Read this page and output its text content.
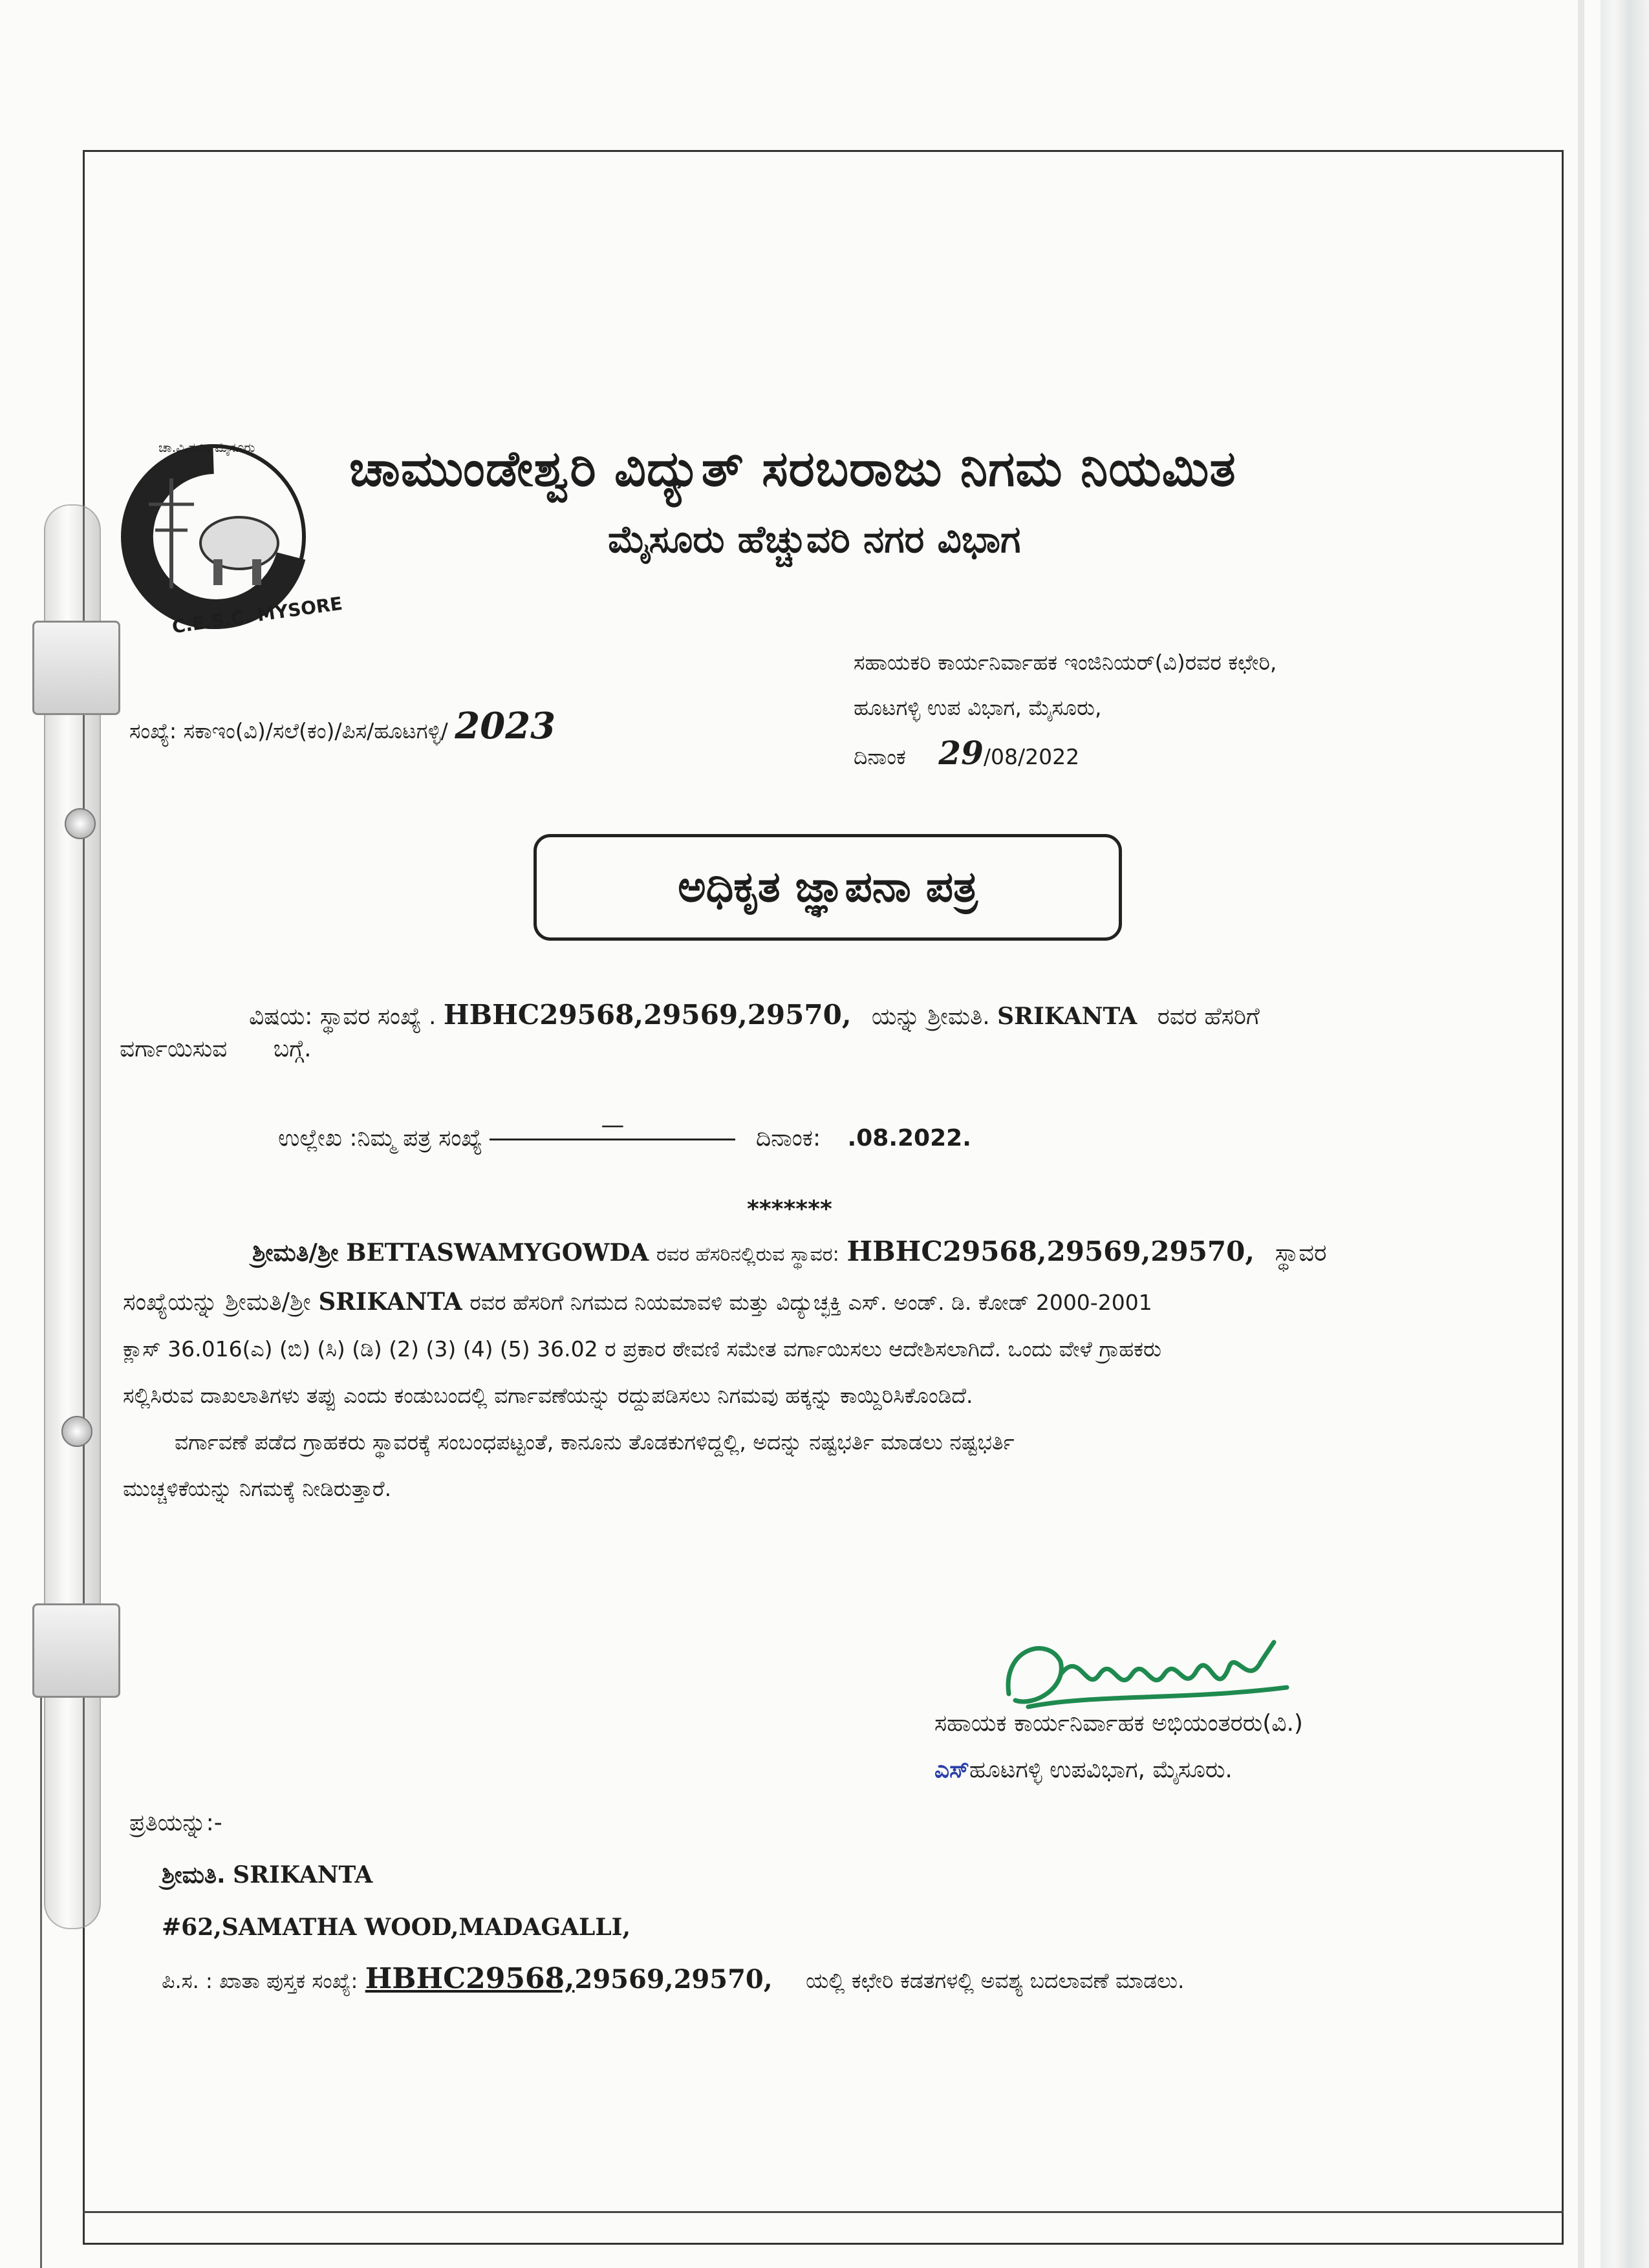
ಚಾ.ವಿ.ಸ.ನಿ. ಮೈಸೂರು
C.E.S.C. MYSORE
ಚಾಮುಂಡೇಶ್ವರಿ ವಿದ್ಯುತ್ ಸರಬರಾಜು ನಿಗಮ ನಿಯಮಿತ
ಮೈಸೂರು ಹೆಚ್ಚುವರಿ ನಗರ ವಿಭಾಗ
ಸಹಾಯಕರಿ ಕಾರ್ಯನಿರ್ವಾಹಕ ಇಂಜಿನಿಯರ್(ವಿ)ರವರ ಕಛೇರಿ,
ಹೂಟಗಳ್ಳಿ ಉಪ ವಿಭಾಗ, ಮೈಸೂರು,
ದಿನಾಂಕ 29/08/2022
ಸಂಖ್ಯೆ: ಸಕಾಇಂ(ವಿ)/ಸಲೆ(ಕಂ)/ಪಿಸ/ಹೂಟಗಳ್ಳಿ/ 2023
ಅಧಿಕೃತ ಜ್ಞಾಪನಾ ಪತ್ರ
ವಿಷಯ: ಸ್ಥಾವರ ಸಂಖ್ಯೆ . HBHC29568,29569,29570, ಯನ್ನು ಶ್ರೀಮತಿ. SRIKANTA ರವರ ಹೆಸರಿಗೆ
ವರ್ಗಾಯಿಸುವ ಬಗ್ಗೆ.
ಉಲ್ಲೇಖ :ನಿಮ್ಮ ಪತ್ರ ಸಂಖ್ಯೆ	—	ದಿನಾಂಕ: .08.2022.
*******
ಶ್ರೀಮತಿ/ಶ್ರೀ BETTASWAMYGOWDA ರವರ ಹೆಸರಿನಲ್ಲಿರುವ ಸ್ಥಾವರ: HBHC29568,29569,29570, ಸ್ಥಾವರ
ಸಂಖ್ಯೆಯನ್ನು ಶ್ರೀಮತಿ/ಶ್ರೀ SRIKANTA ರವರ ಹೆಸರಿಗೆ ನಿಗಮದ ನಿಯಮಾವಳಿ ಮತ್ತು ವಿದ್ಯುಚ್ಛಕ್ತಿ ಎಸ್. ಅಂಡ್. ಡಿ. ಕೋಡ್ 2000-2001
ಕ್ಲಾಸ್ 36.016(ಎ) (ಬಿ) (ಸಿ) (ಡಿ) (2) (3) (4) (5) 36.02 ರ ಪ್ರಕಾರ ಠೇವಣಿ ಸಮೇತ ವರ್ಗಾಯಿಸಲು ಆದೇಶಿಸಲಾಗಿದೆ. ಒಂದು ವೇಳೆ ಗ್ರಾಹಕರು
ಸಲ್ಲಿಸಿರುವ ದಾಖಲಾತಿಗಳು ತಪ್ಪು ಎಂದು ಕಂಡುಬಂದಲ್ಲಿ ವರ್ಗಾವಣೆಯನ್ನು ರದ್ದುಪಡಿಸಲು ನಿಗಮವು ಹಕ್ಕನ್ನು ಕಾಯ್ದಿರಿಸಿಕೊಂಡಿದೆ.
ವರ್ಗಾವಣೆ ಪಡೆದ ಗ್ರಾಹಕರು ಸ್ಥಾವರಕ್ಕೆ ಸಂಬಂಧಪಟ್ಟಂತೆ, ಕಾನೂನು ತೊಡಕುಗಳಿದ್ದಲ್ಲಿ, ಅದನ್ನು ನಷ್ಟಭರ್ತಿ ಮಾಡಲು ನಷ್ಟಭರ್ತಿ
ಮುಚ್ಚಳಿಕೆಯನ್ನು ನಿಗಮಕ್ಕೆ ನೀಡಿರುತ್ತಾರೆ.
ಸಹಾಯಕ ಕಾರ್ಯನಿರ್ವಾಹಕ ಅಭಿಯಂತರರು(ವಿ.)
ಎಸ್ಹೂಟಗಳ್ಳಿ ಉಪವಿಭಾಗ, ಮೈಸೂರು.
ಪ್ರತಿಯನ್ನು:-
ಶ್ರೀಮತಿ. SRIKANTA
#62,SAMATHA WOOD,MADAGALLI,
ಪಿ.ಸ. : ಖಾತಾ ಪುಸ್ತಕ ಸಂಖ್ಯೆ: HBHC29568,29569,29570, ಯಲ್ಲಿ ಕಛೇರಿ ಕಡತಗಳಲ್ಲಿ ಅವಶ್ಯ ಬದಲಾವಣೆ ಮಾಡಲು.
